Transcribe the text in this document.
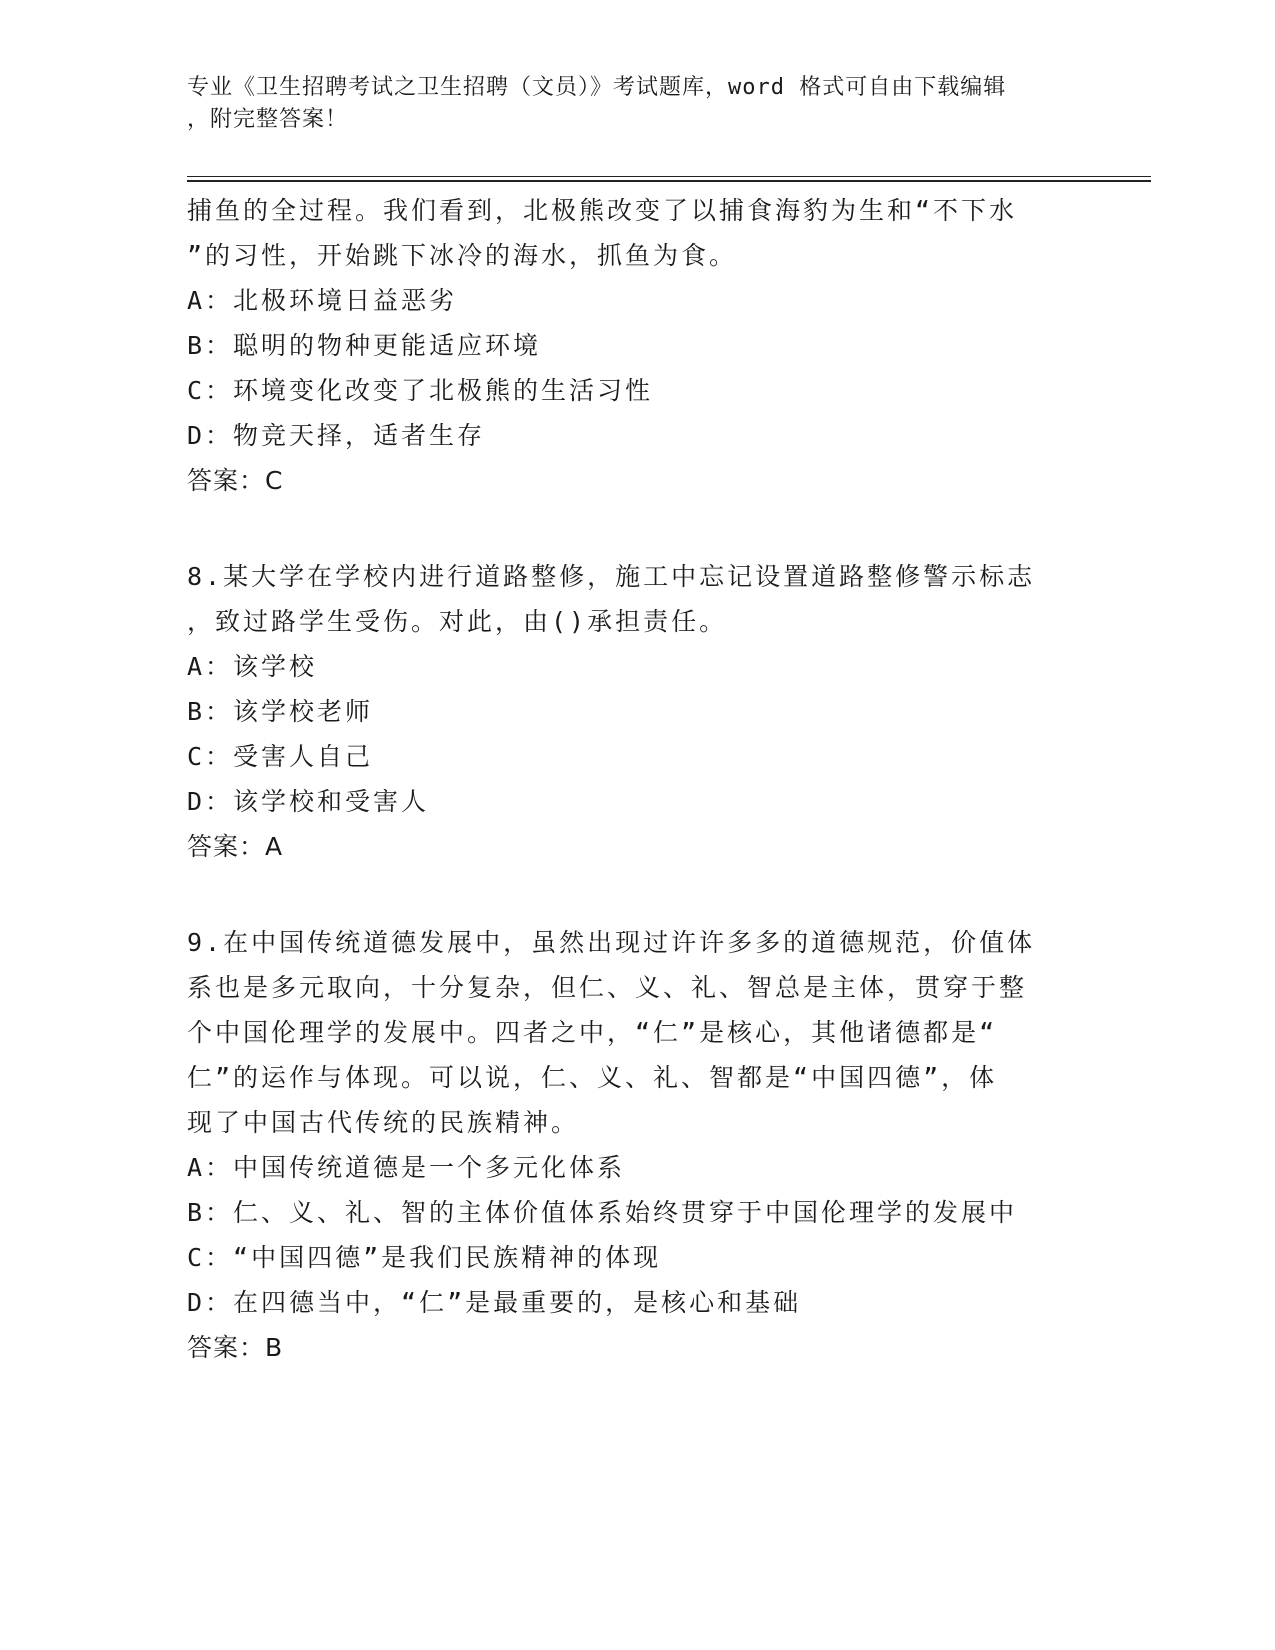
专业《卫生招聘考试之卫生招聘（文员）》考试题库，word 格式可自由下载编辑
，附完整答案！

捕鱼的全过程。我们看到，北极熊改变了以捕食海豹为生和“不下水

”的习性，开始跳下冰冷的海水，抓鱼为食。

A：北极环境日益恶劣

B：聪明的物种更能适应环境

C：环境变化改变了北极熊的生活习性

D：物竞天择，适者生存

答案：C

8.某大学在学校内进行道路整修，施工中忘记设置道路整修警示标志

，致过路学生受伤。对此，由()承担责任。

A：该学校

B：该学校老师

C：受害人自己

D：该学校和受害人

答案：A

9.在中国传统道德发展中，虽然出现过许许多多的道德规范，价值体

系也是多元取向，十分复杂，但仁、义、礼、智总是主体，贯穿于整

个中国伦理学的发展中。四者之中，“仁”是核心，其他诸德都是“

仁”的运作与体现。可以说，仁、义、礼、智都是“中国四德”，体

现了中国古代传统的民族精神。

A：中国传统道德是一个多元化体系

B：仁、义、礼、智的主体价值体系始终贯穿于中国伦理学的发展中

C：“中国四德”是我们民族精神的体现

D：在四德当中，“仁”是最重要的，是核心和基础

答案：B
